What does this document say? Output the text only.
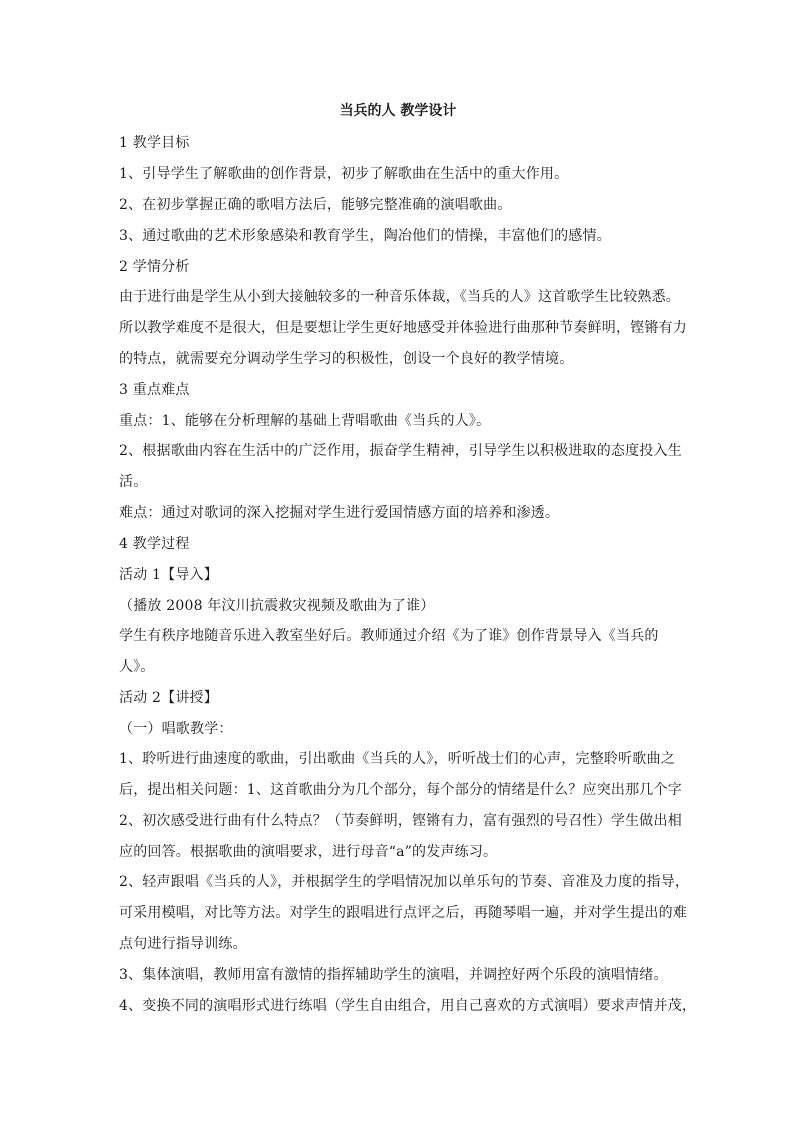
当兵的人 教学设计
1 教学目标
1、引导学生了解歌曲的创作背景，初步了解歌曲在生活中的重大作用。
2、在初步掌握正确的歌唱方法后，能够完整准确的演唱歌曲。
3、通过歌曲的艺术形象感染和教育学生，陶冶他们的情操，丰富他们的感情。
2 学情分析
由于进行曲是学生从小到大接触较多的一种音乐体裁，《当兵的人》这首歌学生比较熟悉。
所以教学难度不是很大，但是要想让学生更好地感受并体验进行曲那种节奏鲜明，铿锵有力
的特点，就需要充分调动学生学习的积极性，创设一个良好的教学情境。
3 重点难点
重点：1、能够在分析理解的基础上背唱歌曲《当兵的人》。
2、根据歌曲内容在生活中的广泛作用，振奋学生精神，引导学生以积极进取的态度投入生
活。
难点：通过对歌词的深入挖掘对学生进行爱国情感方面的培养和渗透。
4 教学过程
活动 1【导入】
（播放 2008 年汶川抗震救灾视频及歌曲为了谁）
学生有秩序地随音乐进入教室坐好后。教师通过介绍《为了谁》创作背景导入《当兵的
人》。
活动 2【讲授】
（一）唱歌教学：
1、聆听进行曲速度的歌曲，引出歌曲《当兵的人》，听听战士们的心声，完整聆听歌曲之
后，提出相关问题：1、这首歌曲分为几个部分，每个部分的情绪是什么？应突出那几个字
2、初次感受进行曲有什么特点？（节奏鲜明，铿锵有力，富有强烈的号召性）学生做出相
应的回答。根据歌曲的演唱要求，进行母音“a”的发声练习。
2、轻声跟唱《当兵的人》，并根据学生的学唱情况加以单乐句的节奏、音准及力度的指导，
可采用模唱，对比等方法。对学生的跟唱进行点评之后，再随琴唱一遍，并对学生提出的难
点句进行指导训练。
3、集体演唱，教师用富有激情的指挥辅助学生的演唱，并调控好两个乐段的演唱情绪。
4、变换不同的演唱形式进行练唱（学生自由组合，用自己喜欢的方式演唱）要求声情并茂，
